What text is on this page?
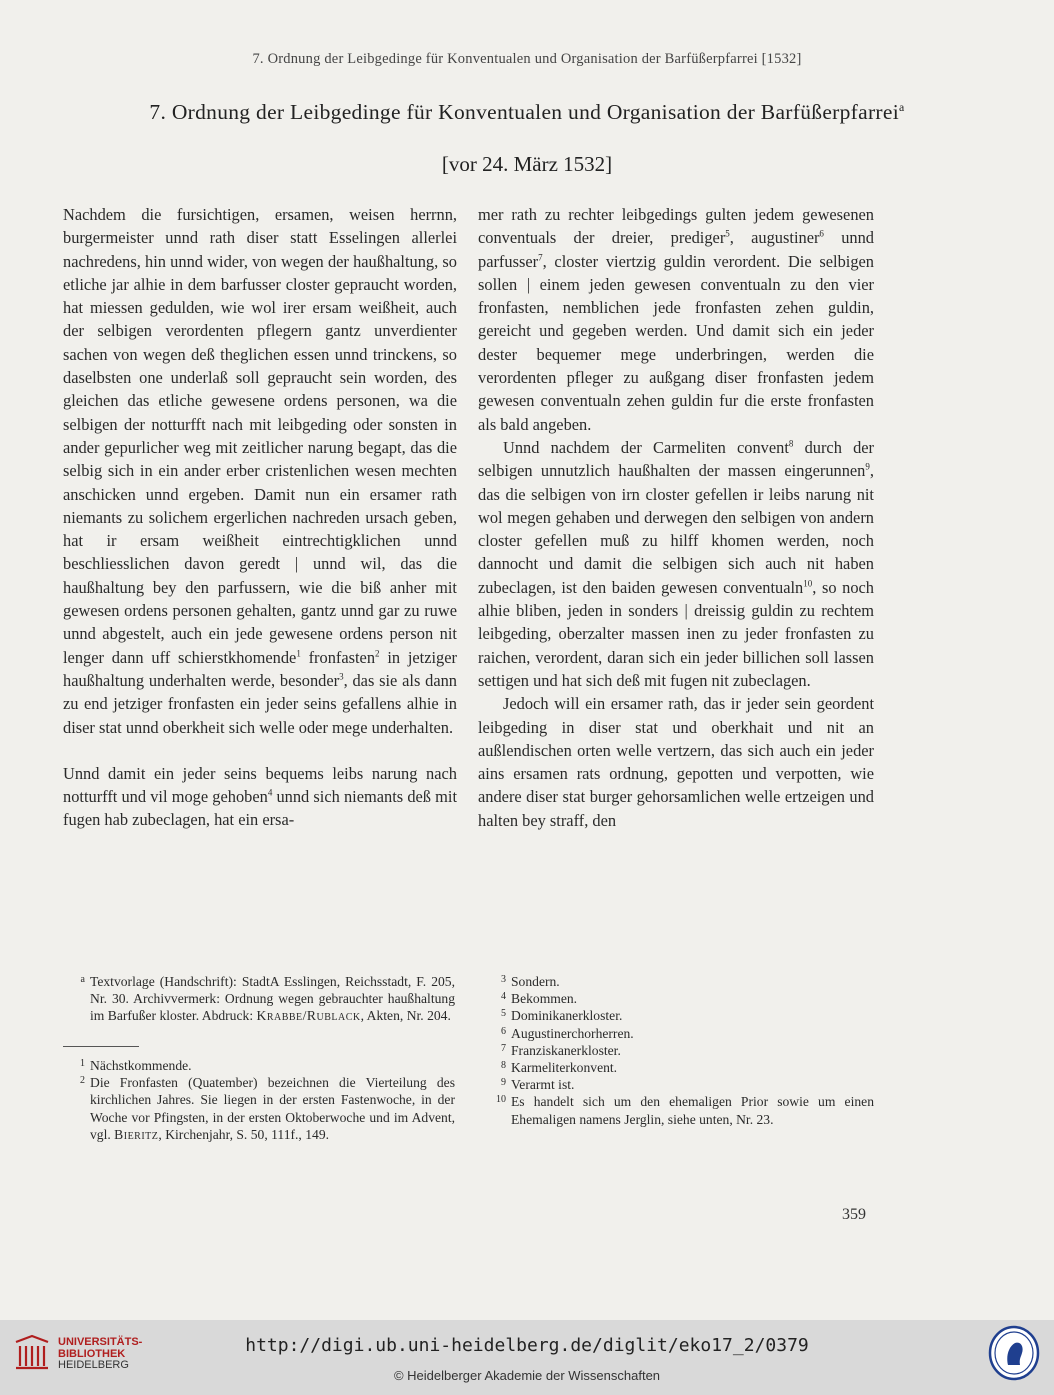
7. Ordnung der Leibgedinge für Konventualen und Organisation der Barfüßerpfarrei [1532]
7. Ordnung der Leibgedinge für Konventualen und Organisation der Barfüßerpfarrei$^a$
[vor 24. März 1532]

Nachdem die fursichtigen, ersamen, weisen herrnn, burgermeister unnd rath diser statt Esselingen allerlei nachredens, hin unnd wider, von wegen der haußhaltung, so etliche jar alhie in dem barfusser closter gepraucht worden, hat miessen gedulden, wie wol irer ersam weißheit, auch der selbigen verordenten pflegern gantz unverdienter sachen von wegen deß theglichen essen unnd trinckens, so daselbsten one underlaß soll gepraucht sein worden, des gleichen das etliche gewesene ordens personen, wa die selbigen der notturfft nach mit leibgeding oder sonsten in ander gepurlicher weg mit zeitlicher narung begapt, das die selbig sich in ein ander erber cristenlichen wesen mechten anschicken unnd ergeben. Damit nun ein ersamer rath niemants zu solichem ergerlichen nachreden ursach geben, hat ir ersam weißheit eintrechtigklichen unnd beschliesslichen davon geredt | unnd wil, das die haußhaltung bey den parfussern, wie die biß anher mit gewesen ordens personen gehalten, gantz unnd gar zu ruwe unnd abgestelt, auch ein jede gewesene ordens person nit lenger dann uff schierstkhomende$^1$ fronfasten$^2$ in jetziger haußhaltung underhalten werde, besonder$^3$, das sie als dann zu end jetziger fronfasten ein jeder seins gefallens alhie in diser stat unnd oberkheit sich welle oder mege underhalten.

Unnd damit ein jeder seins bequems leibs narung nach notturfft und vil moge gehoben$^4$ unnd sich niemants deß mit fugen hab zubeclagen, hat ein ersa-

mer rath zu rechter leibgedings gulten jedem gewesenen conventuals der dreier, prediger$^5$, augustiner$^6$ unnd parfusser$^7$, closter viertzig guldin verordent. Die selbigen sollen | einem jeden gewesen conventualn zu den vier fronfasten, nemblichen jede fronfasten zehen guldin, gereicht und gegeben werden. Und damit sich ein jeder dester bequemer mege underbringen, werden die verordenten pfleger zu außgang diser fronfasten jedem gewesen conventualn zehen guldin fur die erste fronfasten als bald angeben.

Unnd nachdem der Carmeliten convent$^8$ durch der selbigen unnutzlich haußhalten der massen eingerunnen$^9$, das die selbigen von irn closter gefellen ir leibs narung nit wol megen gehaben und derwegen den selbigen von andern closter gefellen muß zu hilff khomen werden, noch dannocht und damit die selbigen sich auch nit haben zubeclagen, ist den baiden gewesen conventualn$^{10}$, so noch alhie bliben, jeden in sonders | dreissig guldin zu rechtem leibgeding, oberzalter massen inen zu jeder fronfasten zu raichen, verordent, daran sich ein jeder billichen soll lassen settigen und hat sich deß mit fugen nit zubeclagen.

Jedoch will ein ersamer rath, das ir jeder sein geordent leibgeding in diser stat und oberkhait und nit an außlendischen orten welle vertzern, das sich auch ein jeder ains ersamen rats ordnung, gepotten und verpotten, wie andere diser stat burger gehorsamlichen welle ertzeigen und halten bey straff, den

a Textvorlage (Handschrift): StadtA Esslingen, Reichsstadt, F. 205, Nr. 30. Archivvermerk: Ordnung wegen gebrauchter haußhaltung im Barfußer kloster. Abdruck: Krabbe/Rublack, Akten, Nr. 204.
1 Nächstkommende.
2 Die Fronfasten (Quatember) bezeichnen die Vierteilung des kirchlichen Jahres. Sie liegen in der ersten Fastenwoche, in der Woche vor Pfingsten, in der ersten Oktoberwoche und im Advent, vgl. Bieritz, Kirchenjahr, S. 50, 111f., 149.
3 Sondern.
4 Bekommen.
5 Dominikanerkloster.
6 Augustinerchorherren.
7 Franziskanerkloster.
8 Karmeliterkonvent.
9 Verarmt ist.
10 Es handelt sich um den ehemaligen Prior sowie um einen Ehemaligen namens Jerglin, siehe unten, Nr. 23.
359
UNIVERSITÄTS-
BIBLIOTHEK
HEIDELBERG
http://digi.ub.uni-heidelberg.de/diglit/eko17_2/0379
© Heidelberger Akademie der Wissenschaften
